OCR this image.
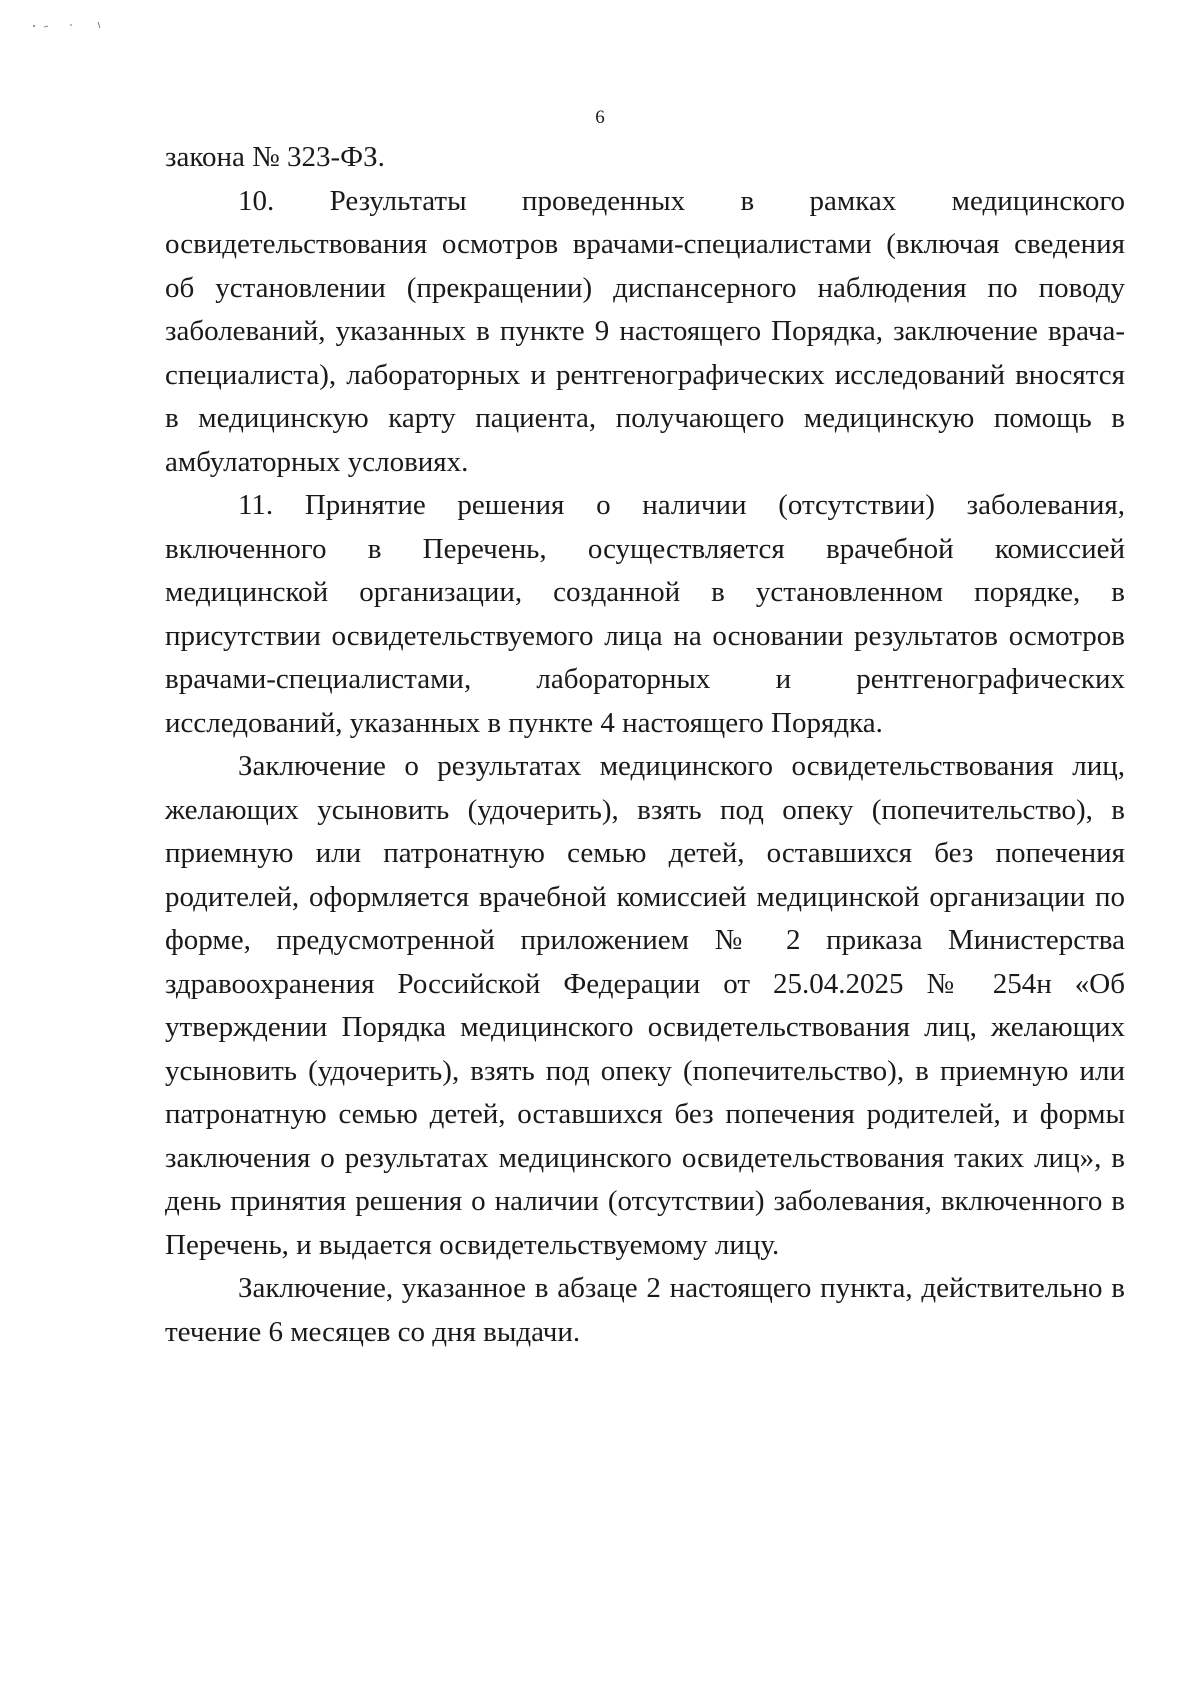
6

закона № 323-ФЗ.

10. Результаты проведенных в рамках медицинского освидетельствования осмотров врачами-специалистами (включая сведения об установлении (прекращении) диспансерного наблюдения по поводу заболеваний, указанных в пункте 9 настоящего Порядка, заключение врача-специалиста), лабораторных и рентгенографических исследований вносятся в медицинскую карту пациента, получающего медицинскую помощь в амбулаторных условиях.

11. Принятие решения о наличии (отсутствии) заболевания, включенного в Перечень, осуществляется врачебной комиссией медицинской организации, созданной в установленном порядке, в присутствии освидетельствуемого лица на основании результатов осмотров врачами-специалистами, лабораторных и рентгенографических исследований, указанных в пункте 4 настоящего Порядка.

Заключение о результатах медицинского освидетельствования лиц, желающих усыновить (удочерить), взять под опеку (попечительство), в приемную или патронатную семью детей, оставшихся без попечения родителей, оформляется врачебной комиссией медицинской организации по форме, предусмотренной приложением № 2 приказа Министерства здравоохранения Российской Федерации от 25.04.2025 № 254н «Об утверждении Порядка медицинского освидетельствования лиц, желающих усыновить (удочерить), взять под опеку (попечительство), в приемную или патронатную семью детей, оставшихся без попечения родителей, и формы заключения о результатах медицинского освидетельствования таких лиц», в день принятия решения о наличии (отсутствии) заболевания, включенного в Перечень, и выдается освидетельствуемому лицу.

Заключение, указанное в абзаце 2 настоящего пункта, действительно в течение 6 месяцев со дня выдачи.
